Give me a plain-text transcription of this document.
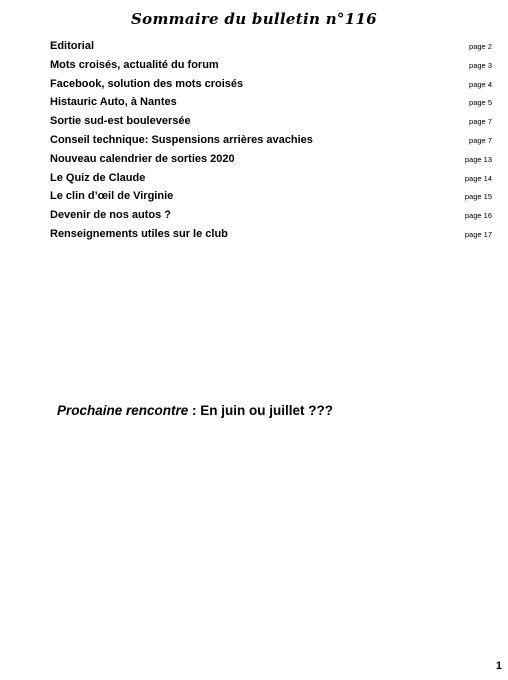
Sommaire du bulletin n°116
Editorial	page 2
Mots croisés, actualité du forum	page 3
Facebook, solution des mots croisés	page 4
Histauric Auto, à Nantes	page 5
Sortie sud-est bouleversée	page 7
Conseil technique: Suspensions arrières avachies	page 7
Nouveau calendrier de sorties 2020	page 13
Le Quiz de Claude	page 14
Le clin d’œil de Virginie	page 15
Devenir de nos autos ?	page 16
Renseignements utiles sur le club	page 17
Prochaine rencontre : En juin ou juillet ???
1
